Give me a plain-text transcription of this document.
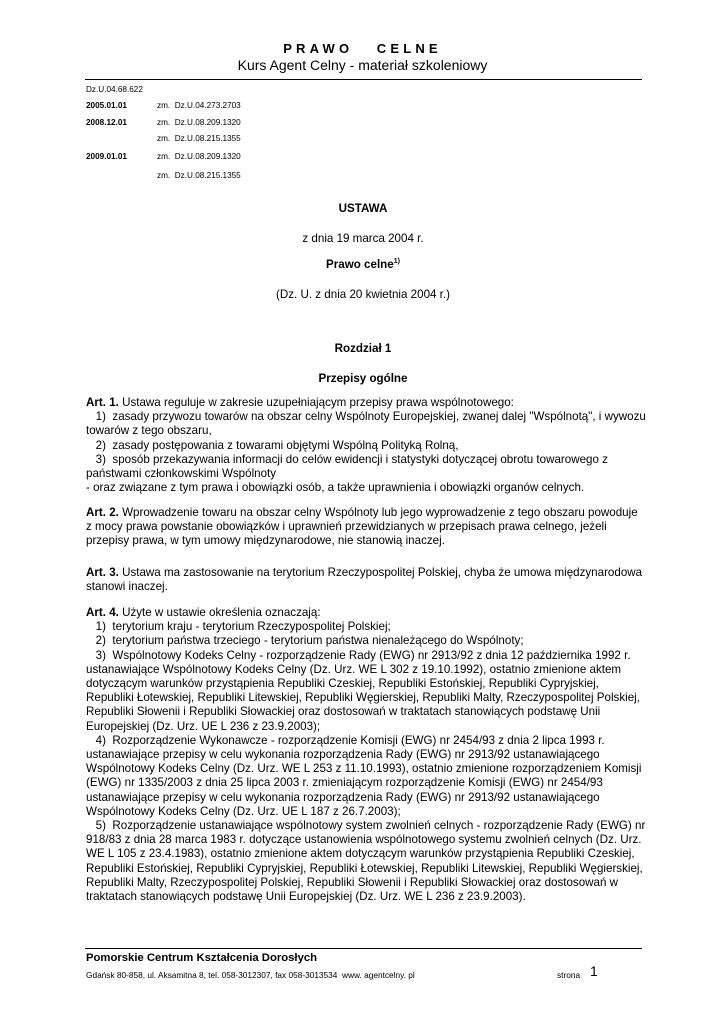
PRAWO   CELNE
Kurs Agent Celny - materiał szkoleniowy
Dz.U.04.68.622
2005.01.01	zm.  Dz.U.04.273.2703
2008.12.01	zm.  Dz.U.08.209.1320
zm.  Dz.U.08.215.1355
2009.01.01	zm.  Dz.U.08.209.1320
zm.  Dz.U.08.215.1355
USTAWA
z dnia 19 marca 2004 r.
Prawo celne$^{1)}$
(Dz. U. z dnia 20 kwietnia 2004 r.)
Rozdział 1
Przepisy ogólne

Art. 1. Ustawa reguluje w zakresie uzupełniającym przepisy prawa wspólnotowego:

1)  zasady przywozu towarów na obszar celny Wspólnoty Europejskiej, zwanej dalej "Wspólnotą", i wywozu towarów z tego obszaru,

2)  zasady postępowania z towarami objętymi Wspólną Polityką Rolną,

3)  sposób przekazywania informacji do celów ewidencji i statystyki dotyczącej obrotu towarowego z państwami członkowskimi Wspólnoty

- oraz związane z tym prawa i obowiązki osób, a także uprawnienia i obowiązki organów celnych.

Art. 2. Wprowadzenie towaru na obszar celny Wspólnoty lub jego wyprowadzenie z tego obszaru powoduje z mocy prawa powstanie obowiązków i uprawnień przewidzianych w przepisach prawa celnego, jeżeli przepisy prawa, w tym umowy międzynarodowe, nie stanowią inaczej.

Art. 3. Ustawa ma zastosowanie na terytorium Rzeczypospolitej Polskiej, chyba że umowa międzynarodowa stanowi inaczej.

Art. 4. Użyte w ustawie określenia oznaczają:

1)  terytorium kraju - terytorium Rzeczypospolitej Polskiej;

2)  terytorium państwa trzeciego - terytorium państwa nienależącego do Wspólnoty;

3)  Wspólnotowy Kodeks Celny - rozporządzenie Rady (EWG) nr 2913/92 z dnia 12 października 1992 r. ustanawiające Wspólnotowy Kodeks Celny (Dz. Urz. WE L 302 z 19.10.1992), ostatnio zmienione aktem dotyczącym warunków przystąpienia Republiki Czeskiej, Republiki Estońskiej, Republiki Cypryjskiej, Republiki Łotewskiej, Republiki Litewskiej, Republiki Węgierskiej, Republiki Malty, Rzeczypospolitej Polskiej, Republiki Słowenii i Republiki Słowackiej oraz dostosowań w traktatach stanowiących podstawę Unii Europejskiej (Dz. Urz. UE L 236 z 23.9.2003);

4)  Rozporządzenie Wykonawcze - rozporządzenie Komisji (EWG) nr 2454/93 z dnia 2 lipca 1993 r. ustanawiające przepisy w celu wykonania rozporządzenia Rady (EWG) nr 2913/92 ustanawiającego Wspólnotowy Kodeks Celny (Dz. Urz. WE L 253 z 11.10.1993), ostatnio zmienione rozporządzeniem Komisji (EWG) nr 1335/2003 z dnia 25 lipca 2003 r. zmieniającym rozporządzenie Komisji (EWG) nr 2454/93 ustanawiające przepisy w celu wykonania rozporządzenia Rady (EWG) nr 2913/92 ustanawiającego Wspólnotowy Kodeks Celny (Dz. Urz. UE L 187 z 26.7.2003);

5)  Rozporządzenie ustanawiające wspólnotowy system zwolnień celnych - rozporządzenie Rady (EWG) nr 918/83 z dnia 28 marca 1983 r. dotyczące ustanowienia wspólnotowego systemu zwolnień celnych (Dz. Urz. WE L 105 z 23.4.1983), ostatnio zmienione aktem dotyczącym warunków przystąpienia Republiki Czeskiej, Republiki Estońskiej, Republiki Cypryjskiej, Republiki Łotewskiej, Republiki Litewskiej, Republiki Węgierskiej, Republiki Malty, Rzeczypospolitej Polskiej, Republiki Słowenii i Republiki Słowackiej oraz dostosowań w traktatach stanowiących podstawę Unii Europejskiej (Dz. Urz. WE L 236 z 23.9.2003).

Pomorskie Centrum Kształcenia Dorosłych
Gdańsk 80-858, ul. Aksamitna 8, tel. 058-3012307, fax 058-3013534  www. agentcelny. pl	strona 1
